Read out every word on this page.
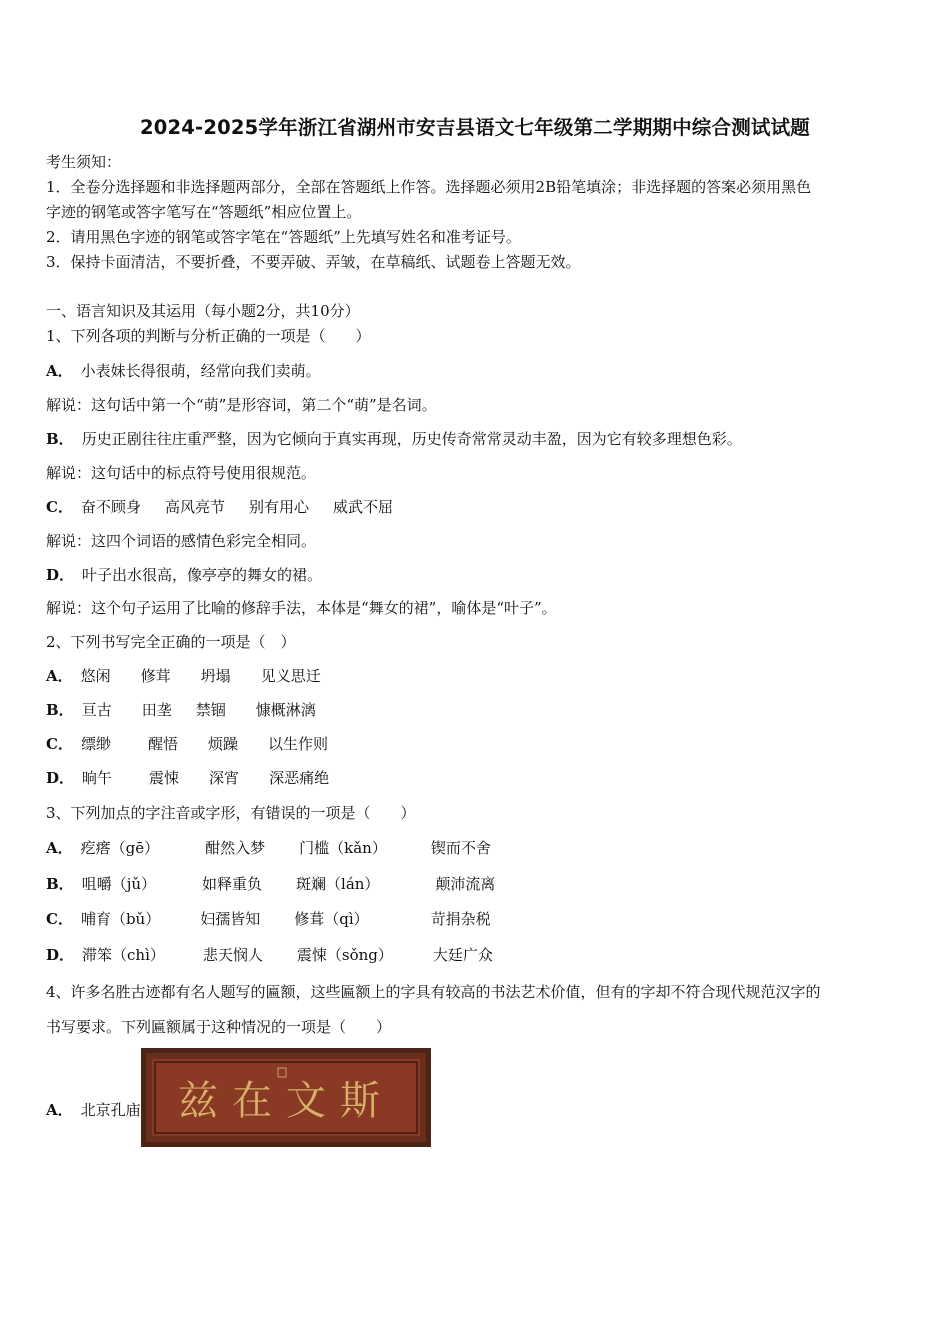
2024-2025学年浙江省湖州市安吉县语文七年级第二学期期中综合测试试题
考生须知：
1．全卷分选择题和非选择题两部分，全部在答题纸上作答。选择题必须用2B铅笔填涂；非选择题的答案必须用黑色
字迹的钢笔或答字笔写在“答题纸”相应位置上。
2．请用黑色字迹的钢笔或答字笔在“答题纸”上先填写姓名和准考证号。
3．保持卡面清洁，不要折叠，不要弄破、弄皱，在草稿纸、试题卷上答题无效。
一、语言知识及其运用（每小题2分，共10分）
1、下列各项的判断与分析正确的一项是（　　）
A． 小表妹长得很萌，经常向我们卖萌。
解说：这句话中第一个“萌”是形容词，第二个“萌”是名词。
B． 历史正剧往往庄重严整，因为它倾向于真实再现，历史传奇常常灵动丰盈，因为它有较多理想色彩。
解说：这句话中的标点符号使用很规范。
C． 奋不顾身 高风亮节 别有用心 威武不屈
解说：这四个词语的感情色彩完全相同。
D． 叶子出水很高，像亭亭的舞女的裙。
解说：这个句子运用了比喻的修辞手法，本体是“舞女的裙”，喻体是“叶子”。
2、下列书写完全正确的一项是（　）
A． 悠闲 修茸 坍塌 见义思迁
B． 亘古 田垄 禁锢 慷概淋漓
C． 缥缈 醒悟 烦躁 以生作则
D． 晌午 震悚 深宵 深恶痛绝
3、下列加点的字注音或字形，有错误的一项是（　　）
A． 疙瘩（gē）	酣然入梦 门槛（kǎn）	锲而不舍
B． 咀嚼（jǔ）	如释重负 斑斓（lán）	颠沛流离
C． 哺育（bǔ）	妇孺皆知 修葺（qì）	苛捐杂税
D． 滞笨（chì）	悲天悯人 震悚（sǒng）	大廷广众
4、许多名胜古迹都有名人题写的匾额，这些匾额上的字具有较高的书法艺术价值，但有的字却不符合现代规范汉字的
书写要求。下列匾额属于这种情况的一项是（　　）
A． 北京孔庙 兹在文斯
